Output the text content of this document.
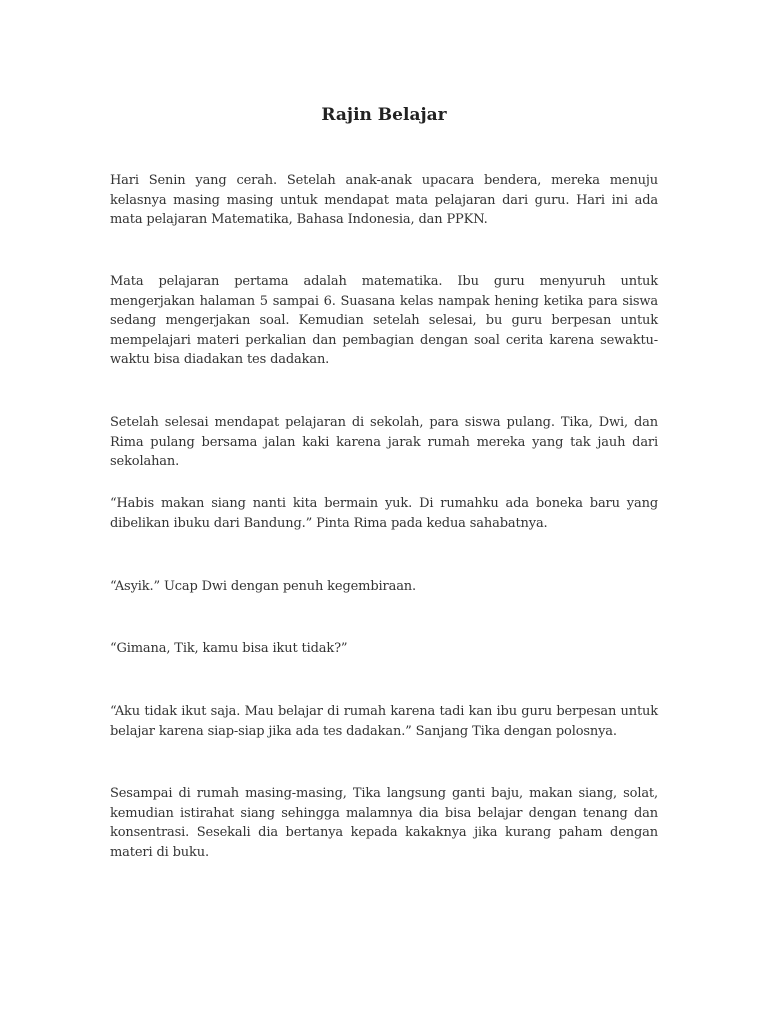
Rajin Belajar

Hari Senin yang cerah. Setelah anak-anak upacara bendera, mereka menuju kelasnya masing masing untuk mendapat mata pelajaran dari guru. Hari ini ada mata pelajaran Matematika, Bahasa Indonesia, dan PPKN.

Mata pelajaran pertama adalah matematika. Ibu guru menyuruh untuk mengerjakan halaman 5 sampai 6. Suasana kelas nampak hening ketika para siswa sedang mengerjakan soal. Kemudian setelah selesai, bu guru berpesan untuk mempelajari materi perkalian dan pembagian dengan soal cerita karena sewaktu-waktu bisa diadakan tes dadakan.

Setelah selesai mendapat pelajaran di sekolah, para siswa pulang. Tika, Dwi, dan Rima pulang bersama jalan kaki karena jarak rumah mereka yang tak jauh dari sekolahan.

“Habis makan siang nanti kita bermain yuk. Di rumahku ada boneka baru yang dibelikan ibuku dari Bandung.” Pinta Rima pada kedua sahabatnya.

“Asyik.” Ucap Dwi dengan penuh kegembiraan.

“Gimana, Tik, kamu bisa ikut tidak?”

“Aku tidak ikut saja. Mau belajar di rumah karena tadi kan ibu guru berpesan untuk belajar karena siap-siap jika ada tes dadakan.” Sanjang Tika dengan polosnya.

Sesampai di rumah masing-masing, Tika langsung ganti baju, makan siang, solat, kemudian istirahat siang sehingga malamnya dia bisa belajar dengan tenang dan konsentrasi. Sesekali dia bertanya kepada kakaknya jika kurang paham dengan materi di buku.
